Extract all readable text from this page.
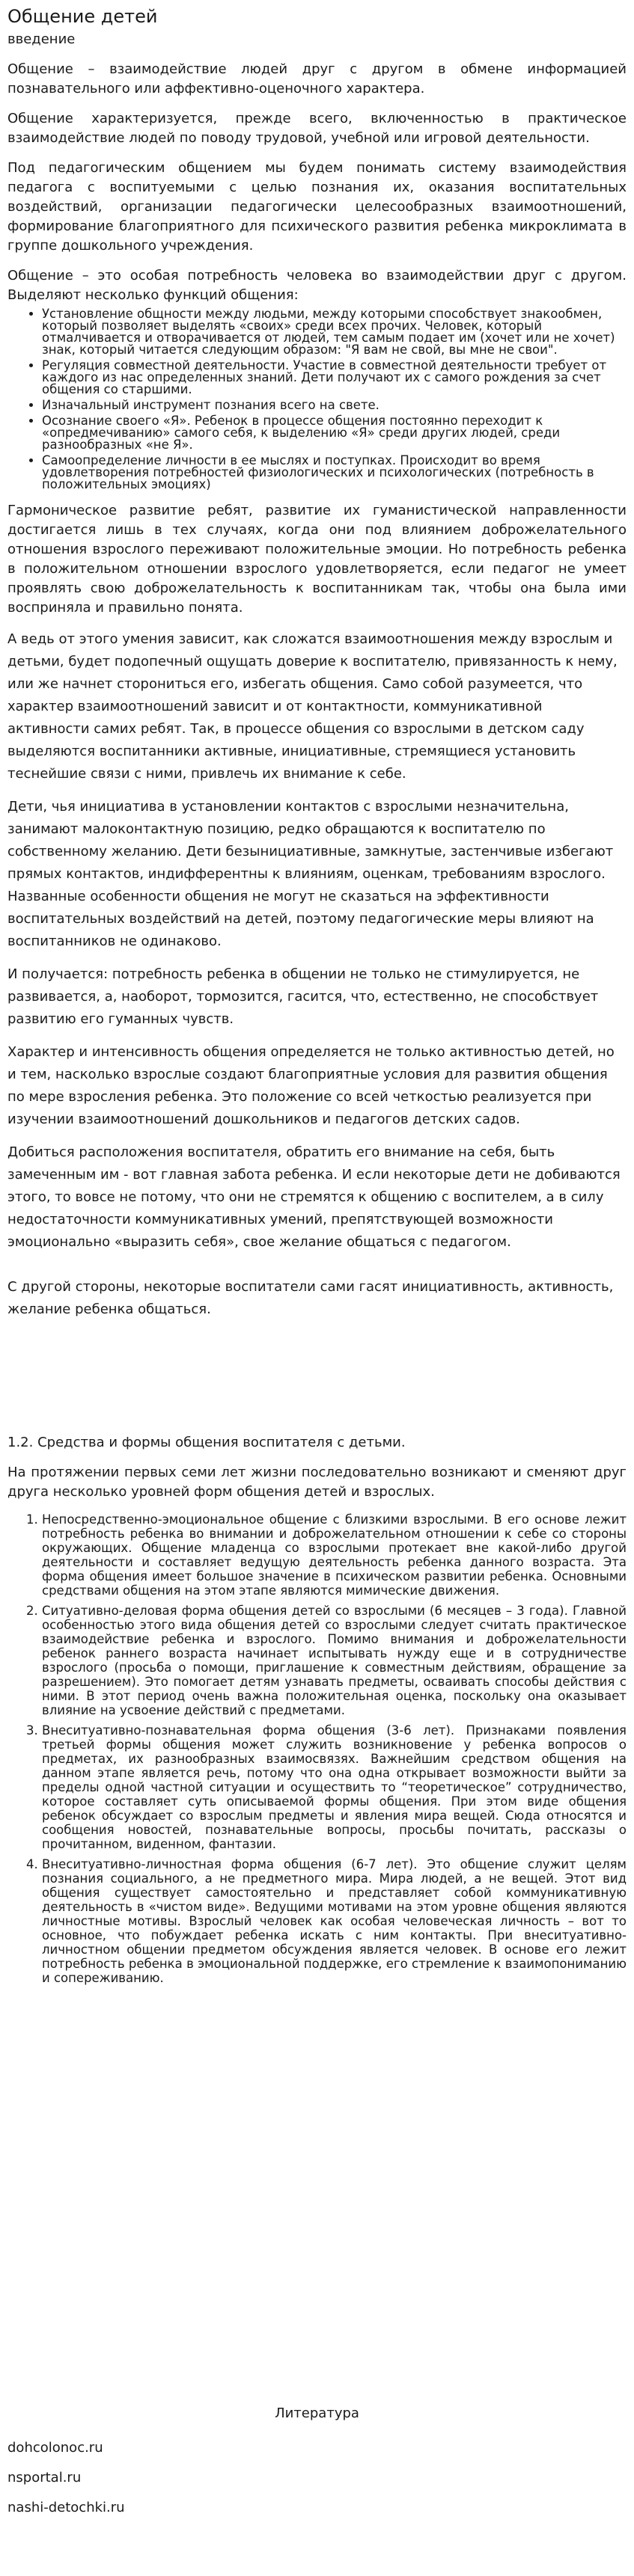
Общение детей
введение

Общение – взаимодействие людей друг с другом в обмене информацией познавательного или аффективно-оценочного характера.

Общение характеризуется, прежде всего, включенностью в практическое взаимодействие людей по поводу трудовой, учебной или игровой деятельности.

Под педагогическим общением мы будем понимать систему взаимодействия педагога с воспитуемыми с целью познания их, оказания воспитательных воздействий, организации педагогически целесообразных взаимоотношений, формирование благоприятного для психического развития ребенка микроклимата в группе дошкольного учреждения.

Общение – это особая потребность человека во взаимодействии друг с другом. Выделяют несколько функций общения:

• Установление общности между людьми, между которыми способствует знакообмен, который позволяет выделять «своих» среди всех прочих. Человек, который отмалчивается и отворачивается от людей, тем самым подает им (хочет или не хочет) знак, который читается следующим образом: "Я вам не свой, вы мне не свои".
• Регуляция совместной деятельности. Участие в совместной деятельности требует от каждого из нас определенных знаний. Дети получают их с самого рождения за счет общения со старшими.
• Изначальный инструмент познания всего на свете.
• Осознание своего «Я». Ребенок в процессе общения постоянно переходит к «опредмечиванию» самого себя, к выделению «Я» среди других людей, среди разнообразных «не Я».
• Самоопределение личности в ее мыслях и поступках. Происходит во время удовлетворения потребностей физиологических и психологических (потребность в положительных эмоциях)

Гармоническое развитие ребят, развитие их гуманистической направленности достигается лишь в тех случаях, когда они под влиянием доброжелательного отношения взрослого переживают положительные эмоции. Но потребность ребенка в положительном отношении взрослого удовлетворяется, если педагог не умеет проявлять свою доброжелательность к воспитанникам так, чтобы она была ими восприняла и правильно понята.

А ведь от этого умения зависит, как сложатся взаимоотношения между взрослым и детьми, будет подопечный ощущать доверие к воспитателю, привязанность к нему, или же начнет сторониться его, избегать общения. Само собой разумеется, что характер взаимоотношений зависит и от контактности, коммуникативной активности самих ребят. Так, в процессе общения со взрослыми в детском саду выделяются воспитанники активные, инициативные, стремящиеся установить теснейшие связи с ними, привлечь их внимание к себе.

Дети, чья инициатива в установлении контактов с взрослыми незначительна, занимают малоконтактную позицию, редко обращаются к воспитателю по собственному желанию. Дети безынициативные, замкнутые, застенчивые избегают прямых контактов, индифферентны к влияниям, оценкам, требованиям взрослого. Названные особенности общения не могут не сказаться на эффективности воспитательных воздействий на детей, поэтому педагогические меры влияют на воспитанников не одинаково.

И получается: потребность ребенка в общении не только не стимулируется, не развивается, а, наоборот, тормозится, гасится, что, естественно, не способствует развитию его гуманных чувств.

Характер и интенсивность общения определяется не только активностью детей, но и тем, насколько взрослые создают благоприятные условия для развития общения по мере взросления ребенка. Это положение со всей четкостью реализуется при изучении взаимоотношений дошкольников и педагогов детских садов.

Добиться расположения воспитателя, обратить его внимание на себя, быть замеченным им - вот главная забота ребенка. И если некоторые дети не добиваются этого, то вовсе не потому, что они не стремятся к общению с воспителем, а в силу недостаточности коммуникативных умений, препятствующей возможности эмоционально «выразить себя», свое желание общаться с педагогом.

С другой стороны, некоторые воспитатели сами гасят инициативность, активность, желание ребенка общаться.

1.2. Средства и формы общения воспитателя с детьми.

На протяжении первых семи лет жизни последовательно возникают и сменяют друг друга несколько уровней форм общения детей и взрослых.

1. Непосредственно-эмоциональное общение с близкими взрослыми. В его основе лежит потребность ребенка во внимании и доброжелательном отношении к себе со стороны окружающих. Общение младенца со взрослыми протекает вне какой-либо другой деятельности и составляет ведущую деятельность ребенка данного возраста. Эта форма общения имеет большое значение в психическом развитии ребенка. Основными средствами общения на этом этапе являются мимические движения.
2. Ситуативно-деловая форма общения детей со взрослыми (6 месяцев – 3 года). Главной особенностью этого вида общения детей со взрослыми следует считать практическое взаимодействие ребенка и взрослого. Помимо внимания и доброжелательности ребенок раннего возраста начинает испытывать нужду еще и в сотрудничестве взрослого (просьба о помощи, приглашение к совместным действиям, обращение за разрешением). Это помогает детям узнавать предметы, осваивать способы действия с ними. В этот период очень важна положительная оценка, поскольку она оказывает влияние на усвоение действий с предметами.
3. Внеситуативно-познавательная форма общения (3-6 лет). Признаками появления третьей формы общения может служить возникновение у ребенка вопросов о предметах, их разнообразных взаимосвязях. Важнейшим средством общения на данном этапе является речь, потому что она одна открывает возможности выйти за пределы одной частной ситуации и осуществить то “теоретическое” сотрудничество, которое составляет суть описываемой формы общения. При этом виде общения ребенок обсуждает со взрослым предметы и явления мира вещей. Сюда относятся и сообщения новостей, познавательные вопросы, просьбы почитать, рассказы о прочитанном, виденном, фантазии.
4. Внеситуативно-личностная форма общения (6-7 лет). Это общение служит целям познания социального, а не предметного мира. Мира людей, а не вещей. Этот вид общения существует самостоятельно и представляет собой коммуникативную деятельность в «чистом виде». Ведущими мотивами на этом уровне общения являются личностные мотивы. Взрослый человек как особая человеческая личность – вот то основное, что побуждает ребенка искать с ним контакты. При внеситуативно-личностном общении предметом обсуждения является человек. В основе его лежит потребность ребенка в эмоциональной поддержке, его стремление к взаимопониманию и сопереживанию.
Литература
dohcolonoc.ru
nsportal.ru
nashi-detochki.ru
